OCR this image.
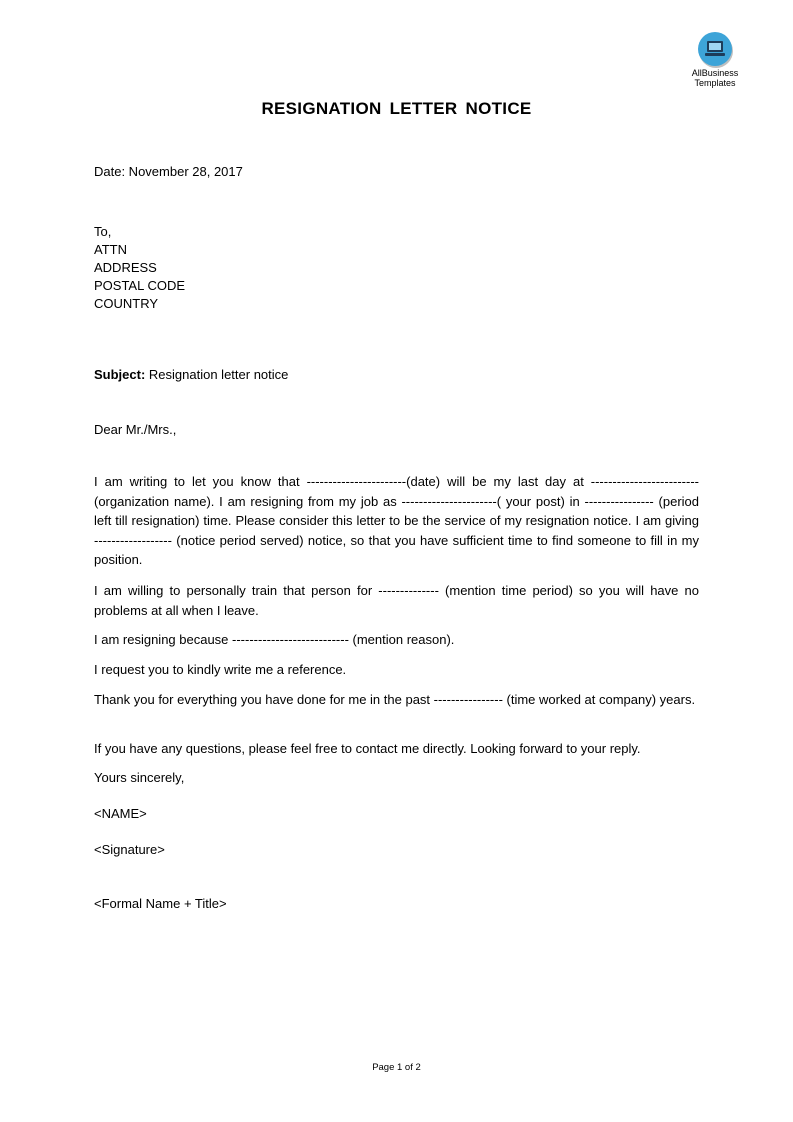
AllBusiness
Templates
RESIGNATION LETTER NOTICE
Date: November 28, 2017
To,
ATTN
ADDRESS
POSTAL CODE
COUNTRY
Subject: Resignation letter notice
Dear Mr./Mrs.,
I am writing to let you know that -----------------------(date) will be my last day at ------------------------- (organization name). I am resigning from my job as ----------------------( your post) in ---------------- (period left till resignation) time. Please consider this letter to be the service of my resignation notice. I am giving ------------------ (notice period served) notice, so that you have sufficient time to find someone to fill in my position.
I am willing to personally train that person for -------------- (mention time period) so you will have no problems at all when I leave.
I am resigning because --------------------------- (mention reason).
I request you to kindly write me a reference.
Thank you for everything you have done for me in the past ---------------- (time worked at company) years.
If you have any questions, please feel free to contact me directly. Looking forward to your reply.
Yours sincerely,
<NAME>
<Signature>
<Formal Name + Title>
Page 1 of 2
